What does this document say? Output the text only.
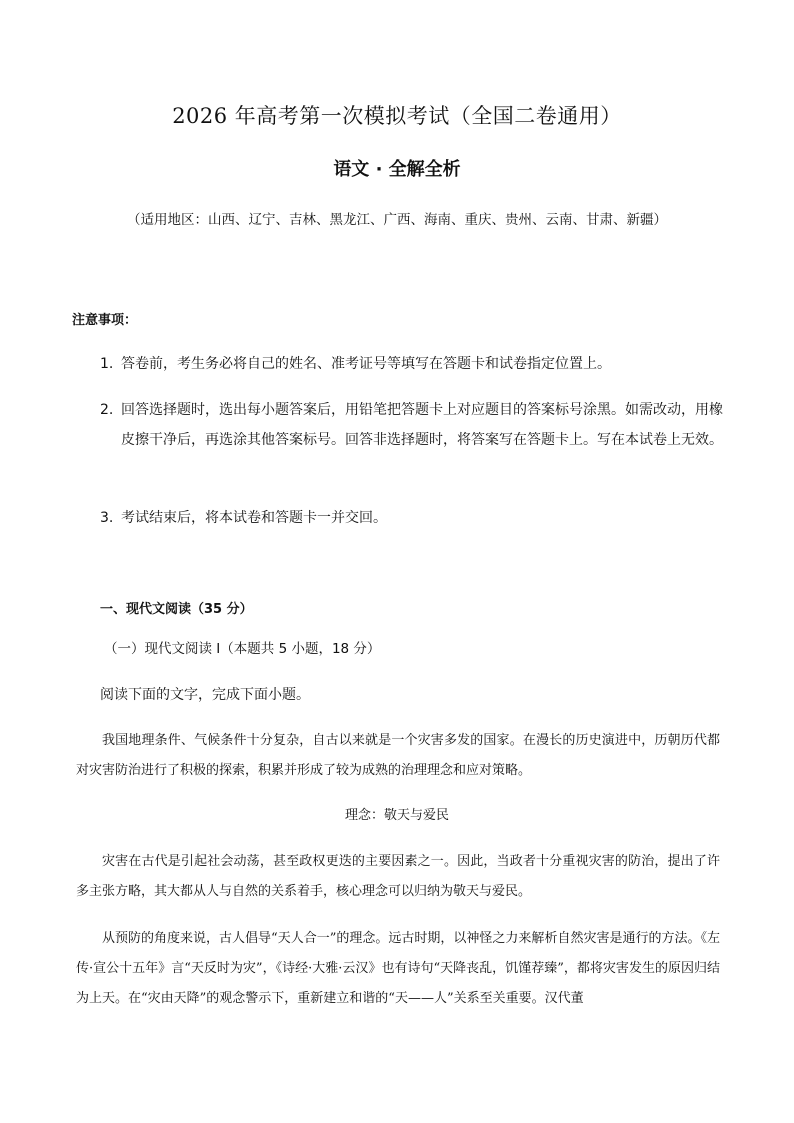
2026 年高考第一次模拟考试（全国二卷通用）
语文 · 全解全析
（适用地区：山西、辽宁、吉林、黑龙江、广西、海南、重庆、贵州、云南、甘肃、新疆）
注意事项：
1. 答卷前，考生务必将自己的姓名、准考证号等填写在答题卡和试卷指定位置上。
2. 回答选择题时，选出每小题答案后，用铅笔把答题卡上对应题目的答案标号涂黑。如需改动，用橡皮擦干净后，再选涂其他答案标号。回答非选择题时，将答案写在答题卡上。写在本试卷上无效。
3. 考试结束后，将本试卷和答题卡一并交回。
一、现代文阅读（35 分）
（一）现代文阅读 I（本题共 5 小题，18 分）
阅读下面的文字，完成下面小题。
我国地理条件、气候条件十分复杂，自古以来就是一个灾害多发的国家。在漫长的历史演进中，历朝历代都对灾害防治进行了积极的探索，积累并形成了较为成熟的治理理念和应对策略。
理念：敬天与爱民
灾害在古代是引起社会动荡，甚至政权更迭的主要因素之一。因此，当政者十分重视灾害的防治，提出了许多主张方略，其大都从人与自然的关系着手，核心理念可以归纳为敬天与爱民。
从预防的角度来说，古人倡导“天人合一”的理念。远古时期，以神怪之力来解析自然灾害是通行的方法。《左传·宣公十五年》言“天反时为灾”，《诗经·大雅·云汉》也有诗句“天降丧乱，饥馑荐臻”，都将灾害发生的原因归结为上天。在“灾由天降”的观念警示下，重新建立和谐的“天——人”关系至关重要。汉代董
